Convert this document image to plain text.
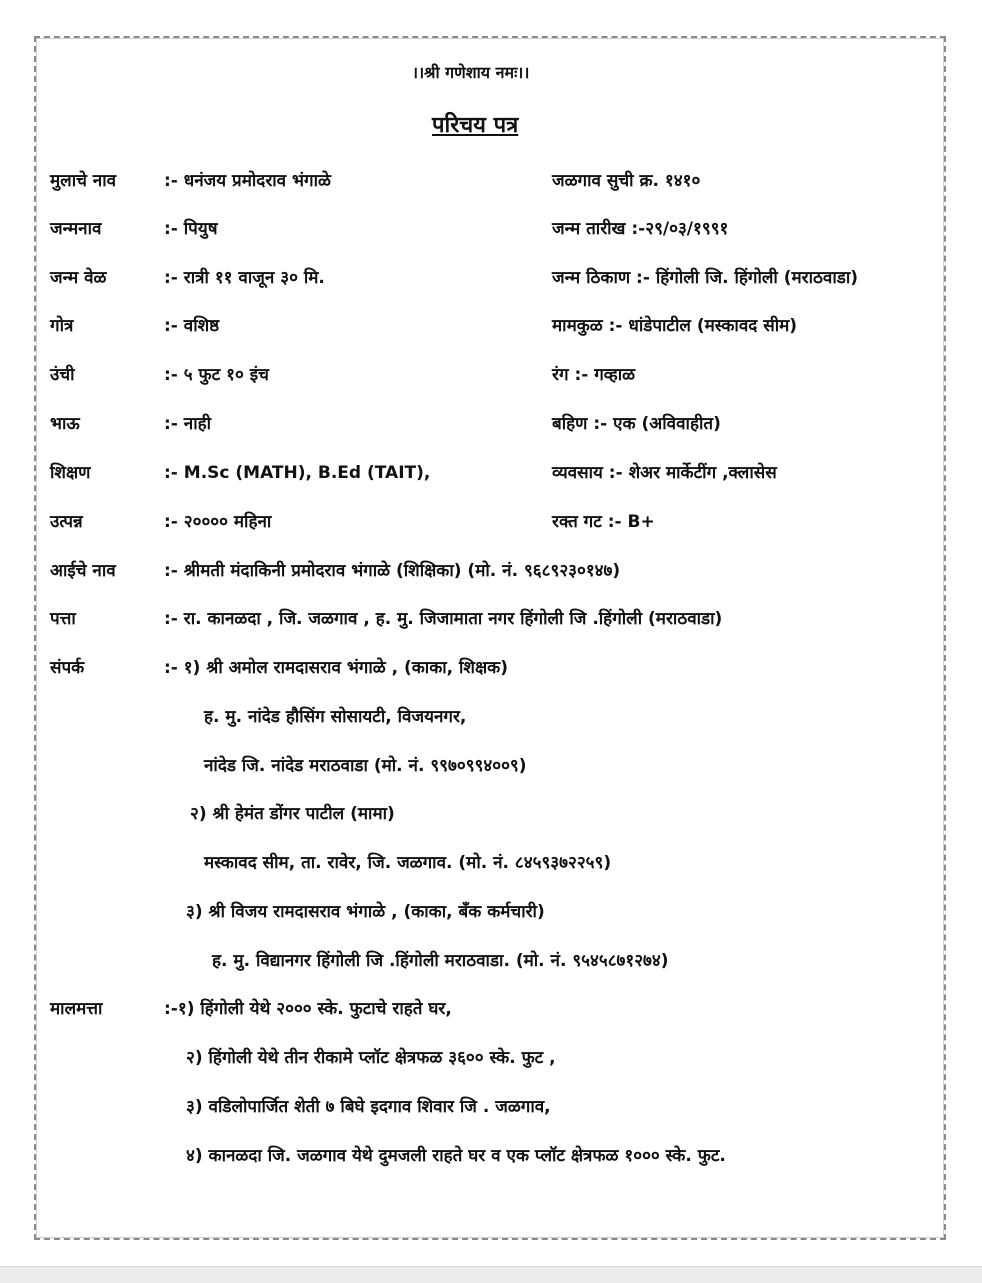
।।श्री गणेशाय नमः।।
परिचय पत्र
मुलाचे नाव	:- धनंजय प्रमोदराव भंगाळे	जळगाव सुची क्र. १४१०
जन्मनाव	:- पियुष	जन्म तारीख :-२९/०३/१९९१
जन्म वेळ	:- रात्री ११ वाजून ३० मि.	जन्म ठिकाण :- हिंगोली जि. हिंगोली (मराठवाडा)
गोत्र	:- वशिष्ठ	मामकुळ :- धांडेपाटील (मस्कावद सीम)
उंची	:- ५ फुट १० इंच	रंग :- गव्हाळ
भाऊ	:- नाही	बहिण :- एक (अविवाहीत)
शिक्षण	:- M.Sc (MATH), B.Ed (TAIT),	व्यवसाय :- शेअर मार्केटींग ,क्लासेस
उत्पन्न	:- २०००० महिना	रक्त गट :- B+
आईचे नाव	:- श्रीमती मंदाकिनी प्रमोदराव भंगाळे (शिक्षिका) (मो. नं. ९६८९२३०१४७)
पत्ता	:- रा. कानळदा , जि. जळगाव , ह. मु. जिजामाता नगर हिंगोली जि .हिंगोली (मराठवाडा)
संपर्क	:- १) श्री अमोल रामदासराव भंगाळे , (काका, शिक्षक)
ह. मु. नांदेड हौसिंग सोसायटी, विजयनगर,
नांदेड जि. नांदेड मराठवाडा (मो. नं. ९९७०९९४००९)
२) श्री हेमंत डोंगर पाटील (मामा)
मस्कावद सीम, ता. रावेर, जि. जळगाव. (मो. नं. ८४५९३७२२५९)
३) श्री विजय रामदासराव भंगाळे , (काका, बँक कर्मचारी)
ह. मु. विद्यानगर हिंगोली जि .हिंगोली मराठवाडा. (मो. नं. ९५४५८७१२७४)
मालमत्ता	:-१) हिंगोली येथे २००० स्के. फुटाचे राहते घर,
२) हिंगोली येथे तीन रीकामे प्लॉट क्षेत्रफळ ३६०० स्के. फुट ,
३) वडिलोपार्जित शेती ७ बिघे इदगाव शिवार जि . जळगाव,
४) कानळदा जि. जळगाव येथे दुमजली राहते घर व एक प्लॉट क्षेत्रफळ १००० स्के. फुट.
